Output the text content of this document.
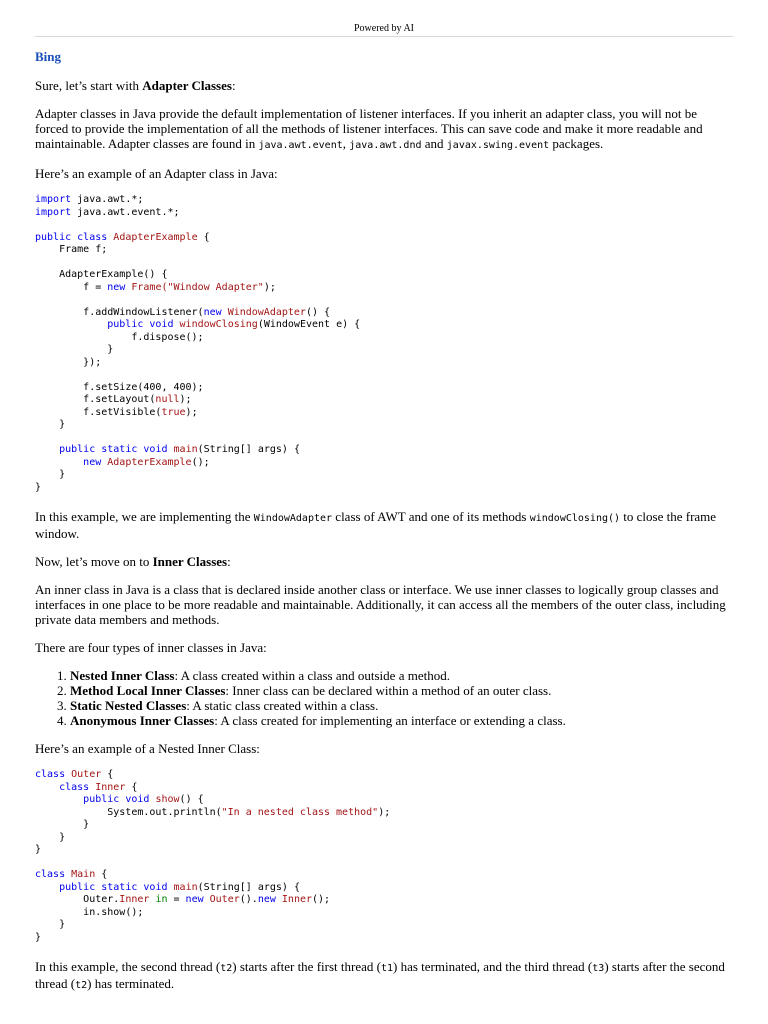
Powered by AI
Bing

Sure, let’s start with Adapter Classes:

Adapter classes in Java provide the default implementation of listener interfaces. If you inherit an adapter class, you will not be forced to provide the implementation of all the methods of listener interfaces. This can save code and make it more readable and maintainable. Adapter classes are found in java.awt.event, java.awt.dnd and javax.swing.event packages.

Here’s an example of an Adapter class in Java:

import java.awt.*;
import java.awt.event.*;

public class AdapterExample {
Frame f;

AdapterExample() {
f = new Frame("Window Adapter");

f.addWindowListener(new WindowAdapter() {
public void windowClosing(WindowEvent e) {
f.dispose();
}
});

f.setSize(400, 400);
f.setLayout(null);
f.setVisible(true);
}

public static void main(String[] args) {
new AdapterExample();
}
}

In this example, we are implementing the WindowAdapter class of AWT and one of its methods windowClosing() to close the frame window.

Now, let’s move on to Inner Classes:

An inner class in Java is a class that is declared inside another class or interface. We use inner classes to logically group classes and interfaces in one place to be more readable and maintainable. Additionally, it can access all the members of the outer class, including private data members and methods.

There are four types of inner classes in Java:

1. Nested Inner Class: A class created within a class and outside a method.
2. Method Local Inner Classes: Inner class can be declared within a method of an outer class.
3. Static Nested Classes: A static class created within a class.
4. Anonymous Inner Classes: A class created for implementing an interface or extending a class.

Here’s an example of a Nested Inner Class:

class Outer {
class Inner {
public void show() {
System.out.println("In a nested class method");
}
}
}

class Main {
public static void main(String[] args) {
Outer.Inner in = new Outer().new Inner();
in.show();
}
}

In this example, the second thread (t2) starts after the first thread (t1) has terminated, and the third thread (t3) starts after the second thread (t2) has terminated.
